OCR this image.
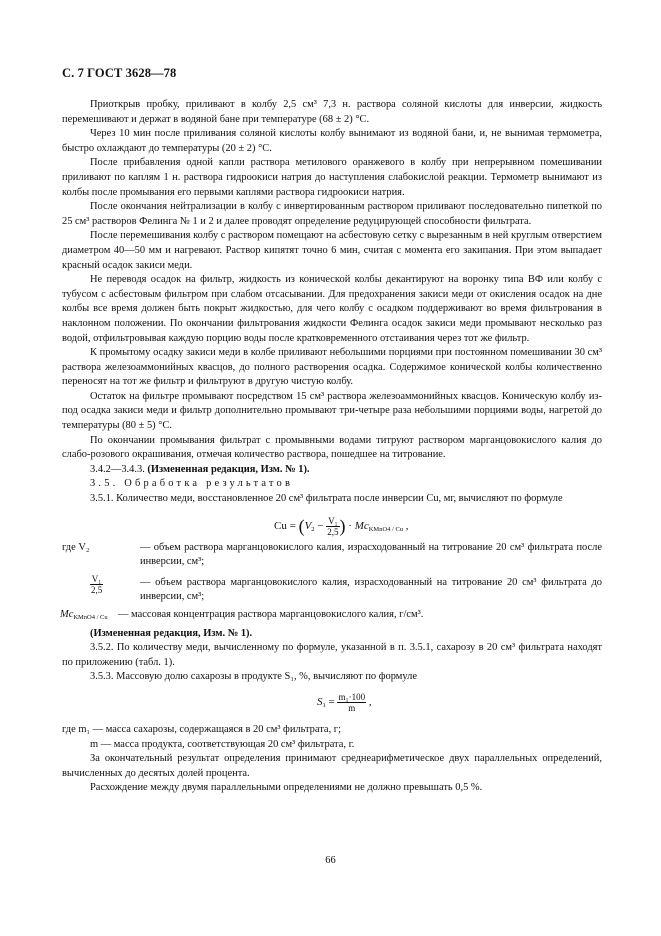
С. 7 ГОСТ 3628—78

Приоткрыв пробку, приливают в колбу 2,5 см³ 7,3 н. раствора соляной кислоты для инверсии, жидкость перемешивают и держат в водяной бане при температуре (68 ± 2) °С.

Через 10 мин после приливания соляной кислоты колбу вынимают из водяной бани, и, не вынимая термометра, быстро охлаждают до температуры (20 ± 2) °С.

После прибавления одной капли раствора метилового оранжевого в колбу при непрерывном помешивании приливают по каплям 1 н. раствора гидроокиси натрия до наступления слабокислой реакции. Термометр вынимают из колбы после промывания его первыми каплями раствора гидроокиси натрия.

После окончания нейтрализации в колбу с инвертированным раствором приливают последовательно пипеткой по 25 см³ растворов Фелинга № 1 и 2 и далее проводят определение редуцирующей способности фильтрата.

После перемешивания колбу с раствором помещают на асбестовую сетку с вырезанным в ней круглым отверстием диаметром 40—50 мм и нагревают. Раствор кипятят точно 6 мин, считая с момента его закипания. При этом выпадает красный осадок закиси меди.

Не переводя осадок на фильтр, жидкость из конической колбы декантируют на воронку типа ВФ или колбу с тубусом с асбестовым фильтром при слабом отсасывании. Для предохранения закиси меди от окисления осадок на дне колбы все время должен быть покрыт жидкостью, для чего колбу с осадком поддерживают во время фильтрования в наклонном положении. По окончании фильтрования жидкости Фелинга осадок закиси меди промывают несколько раз водой, отфильтровывая каждую порцию воды после кратковременного отстаивания через тот же фильтр.

К промытому осадку закиси меди в колбе приливают небольшими порциями при постоянном помешивании 30 см³ раствора железоаммонийных квасцов, до полного растворения осадка. Содержимое конической колбы количественно переносят на тот же фильтр и фильтруют в другую чистую колбу.

Остаток на фильтре промывают посредством 15 см³ раствора железоаммонийных квасцов. Коническую колбу из-под осадка закиси меди и фильтр дополнительно промывают три-четыре раза небольшими порциями воды, нагретой до температуры (80 ± 5) °С.

По окончании промывания фильтрат с промывными водами титруют раствором марганцовокислого калия до слабо-розового окрашивания, отмечая количество раствора, пошедшее на титрование.

3.4.2—3.4.3. (Измененная редакция, Изм. № 1).

3.5. Обработка результатов

3.5.1. Количество меди, восстановленное 20 см³ фильтрата после инверсии Cu, мг, вычисляют по формуле

$Cu = (V_2 - \frac{\text{V₁}}{2,5}$ ) · $Mc_{KMnO4 / Cu}$ ,
где V₂	— объем раствора марганцовокислого калия, израсходованный на титрование 20 см³ фильтрата после инверсии, см³;
$\frac{\text{V₁}}{2,5}$	— объем раствора марганцовокислого калия, израсходованный на титрование 20 см³ фильтрата до инверсии, см³;
$Mc_{KMnO4 / Cu}$ — массовая концентрация раствора марганцовокислого калия, г/см³.

(Измененная редакция, Изм. № 1).

3.5.2. По количеству меди, вычисленному по формуле, указанной в п. 3.5.1, сахарозу в 20 см³ фильтрата находят по приложению (табл. 1).

3.5.3. Массовую долю сахарозы в продукте S₁, %, вычисляют по формуле

$S_1 = \frac{\text{m₁·100}}{m}$ ,

где m₁ — масса сахарозы, содержащаяся в 20 см³ фильтрата, г;

m — масса продукта, соответствующая 20 см³ фильтрата, г.

За окончательный результат определения принимают среднеарифметическое двух параллельных определений, вычисленных до десятых долей процента.

Расхождение между двумя параллельными определениями не должно превышать 0,5 %.

66
